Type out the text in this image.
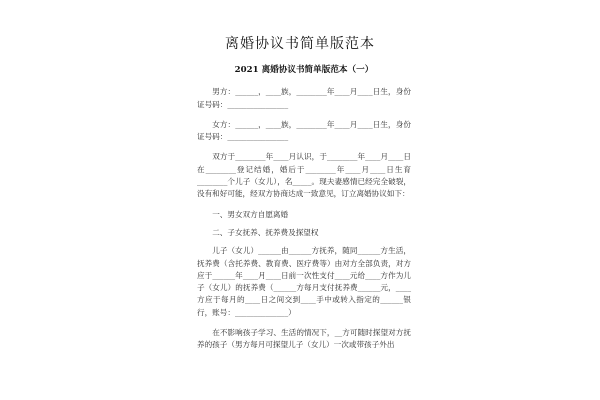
离婚协议书简单版范本
2021 离婚协议书简单版范本（一）

男方：______，____族，________年____月____日生，身份证号码：________________

女方：______，____族，________年____月____日生，身份证号码：________________

双方于________年____月认识，于________年____月____日在________登记结婚，婚后于________年____月____日生育________个儿子（女儿），名_____。现夫妻感情已经完全破裂，没有和好可能，经双方协商达成一致意见，订立离婚协议如下：

一、男女双方自愿离婚

二、子女抚养、抚养费及探望权

儿子（女儿）______由______方抚养，随同______方生活，抚养费（含托养费、教育费、医疗费等）由对方全部负责，对方应于______年____月____日前一次性支付____元给____方作为儿子（女儿）的抚养费（______方每月支付抚养费______元，____方应于每月的____日之间交到____手中或转入指定的______银行，账号：______________）

在不影响孩子学习、生活的情况下，__方可随时探望对方抚养的孩子（男方每月可探望儿子（女儿）一次或带孩子外出
